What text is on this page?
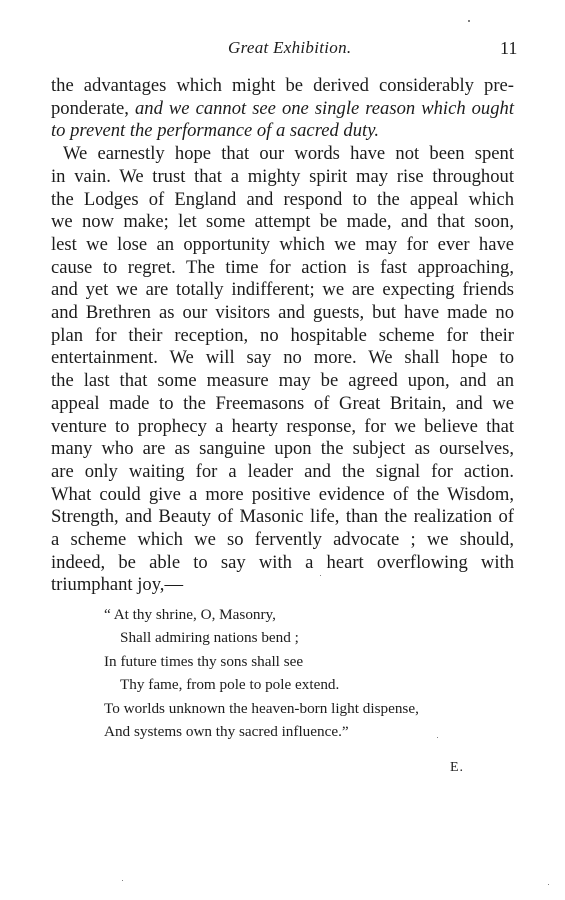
Great Exhibition.	11
the advantages which might be derived considerably pre-
ponderate, and we cannot see one single reason which ought
to prevent the performance of a sacred duty.
We earnestly hope that our words have not been spent
in vain. We trust that a mighty spirit may rise throughout
the Lodges of England and respond to the appeal which
we now make; let some attempt be made, and that soon,
lest we lose an opportunity which we may for ever have
cause to regret. The time for action is fast approaching,
and yet we are totally indifferent; we are expecting friends
and Brethren as our visitors and guests, but have made no
plan for their reception, no hospitable scheme for their
entertainment. We will say no more. We shall hope to
the last that some measure may be agreed upon, and an
appeal made to the Freemasons of Great Britain, and we
venture to prophecy a hearty response, for we believe that
many who are as sanguine upon the subject as ourselves,
are only waiting for a leader and the signal for action.
What could give a more positive evidence of the Wisdom,
Strength, and Beauty of Masonic life, than the realization of
a scheme which we so fervently advocate ; we should,
indeed, be able to say with a heart overflowing with
triumphant joy,—
“ At thy shrine, O, Masonry,
Shall admiring nations bend ;
In future times thy sons shall see
Thy fame, from pole to pole extend.
To worlds unknown the heaven-born light dispense,
And systems own thy sacred influence.”
E.
